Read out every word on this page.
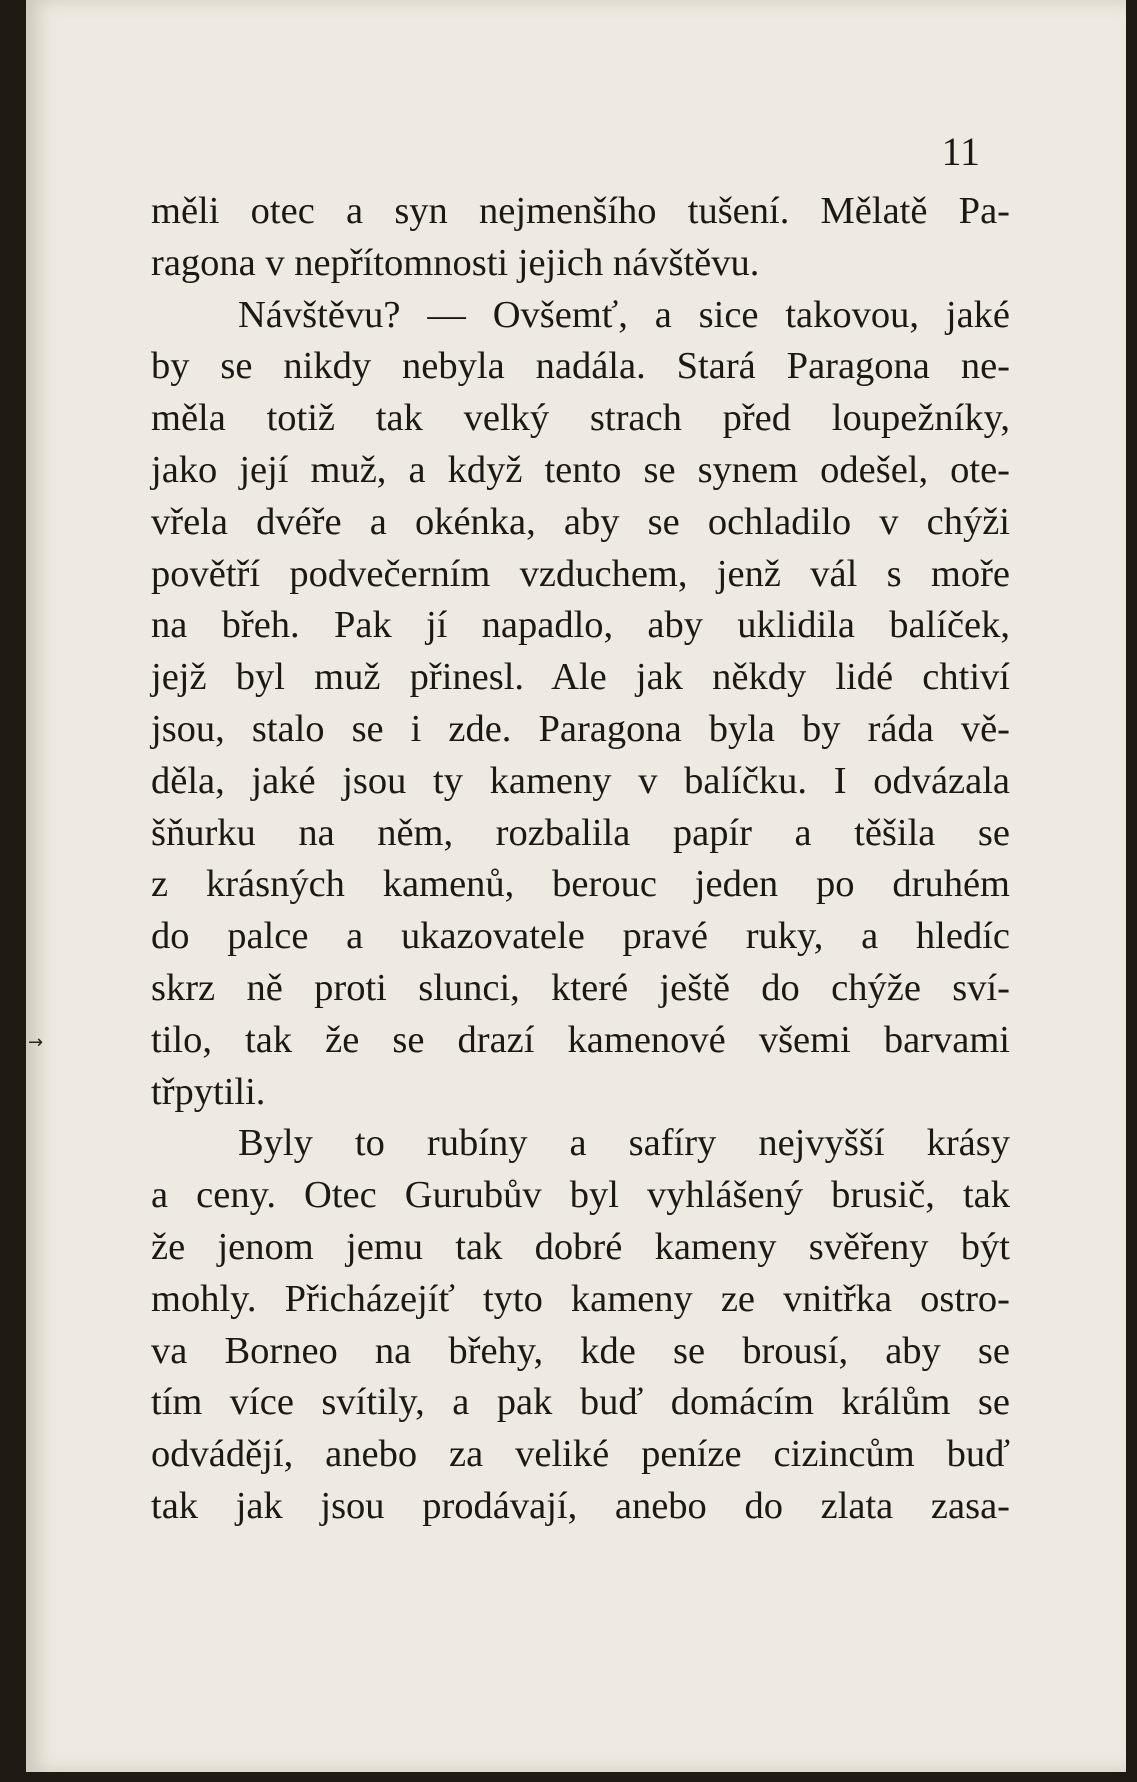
11
→
měli otec a syn nejmenšího tušení. Mělatě Pa-
ragona v nepřítomnosti jejich návštěvu.
Návštěvu? — Ovšemť, a sice takovou, jaké
by se nikdy nebyla nadála. Stará Paragona ne-
měla totiž tak velký strach před loupežníky,
jako její muž, a když tento se synem odešel, ote-
vřela dvéře a okénka, aby se ochladilo v chýži
povětří podvečerním vzduchem, jenž vál s moře
na břeh. Pak jí napadlo, aby uklidila balíček,
jejž byl muž přinesl. Ale jak někdy lidé chtiví
jsou, stalo se i zde. Paragona byla by ráda vě-
děla, jaké jsou ty kameny v balíčku. I odvázala
šňurku na něm, rozbalila papír a těšila se
z krásných kamenů, berouc jeden po druhém
do palce a ukazovatele pravé ruky, a hledíc
skrz ně proti slunci, které ještě do chýže sví-
tilo, tak že se drazí kamenové všemi barvami
třpytili.
Byly to rubíny a safíry nejvyšší krásy
a ceny. Otec Gurubův byl vyhlášený brusič, tak
že jenom jemu tak dobré kameny svěřeny být
mohly. Přicházejíť tyto kameny ze vnitřka ostro-
va Borneo na břehy, kde se brousí, aby se
tím více svítily, a pak buď domácím králům se
odvádějí, anebo za veliké peníze cizincům buď
tak jak jsou prodávají, anebo do zlata zasa-
